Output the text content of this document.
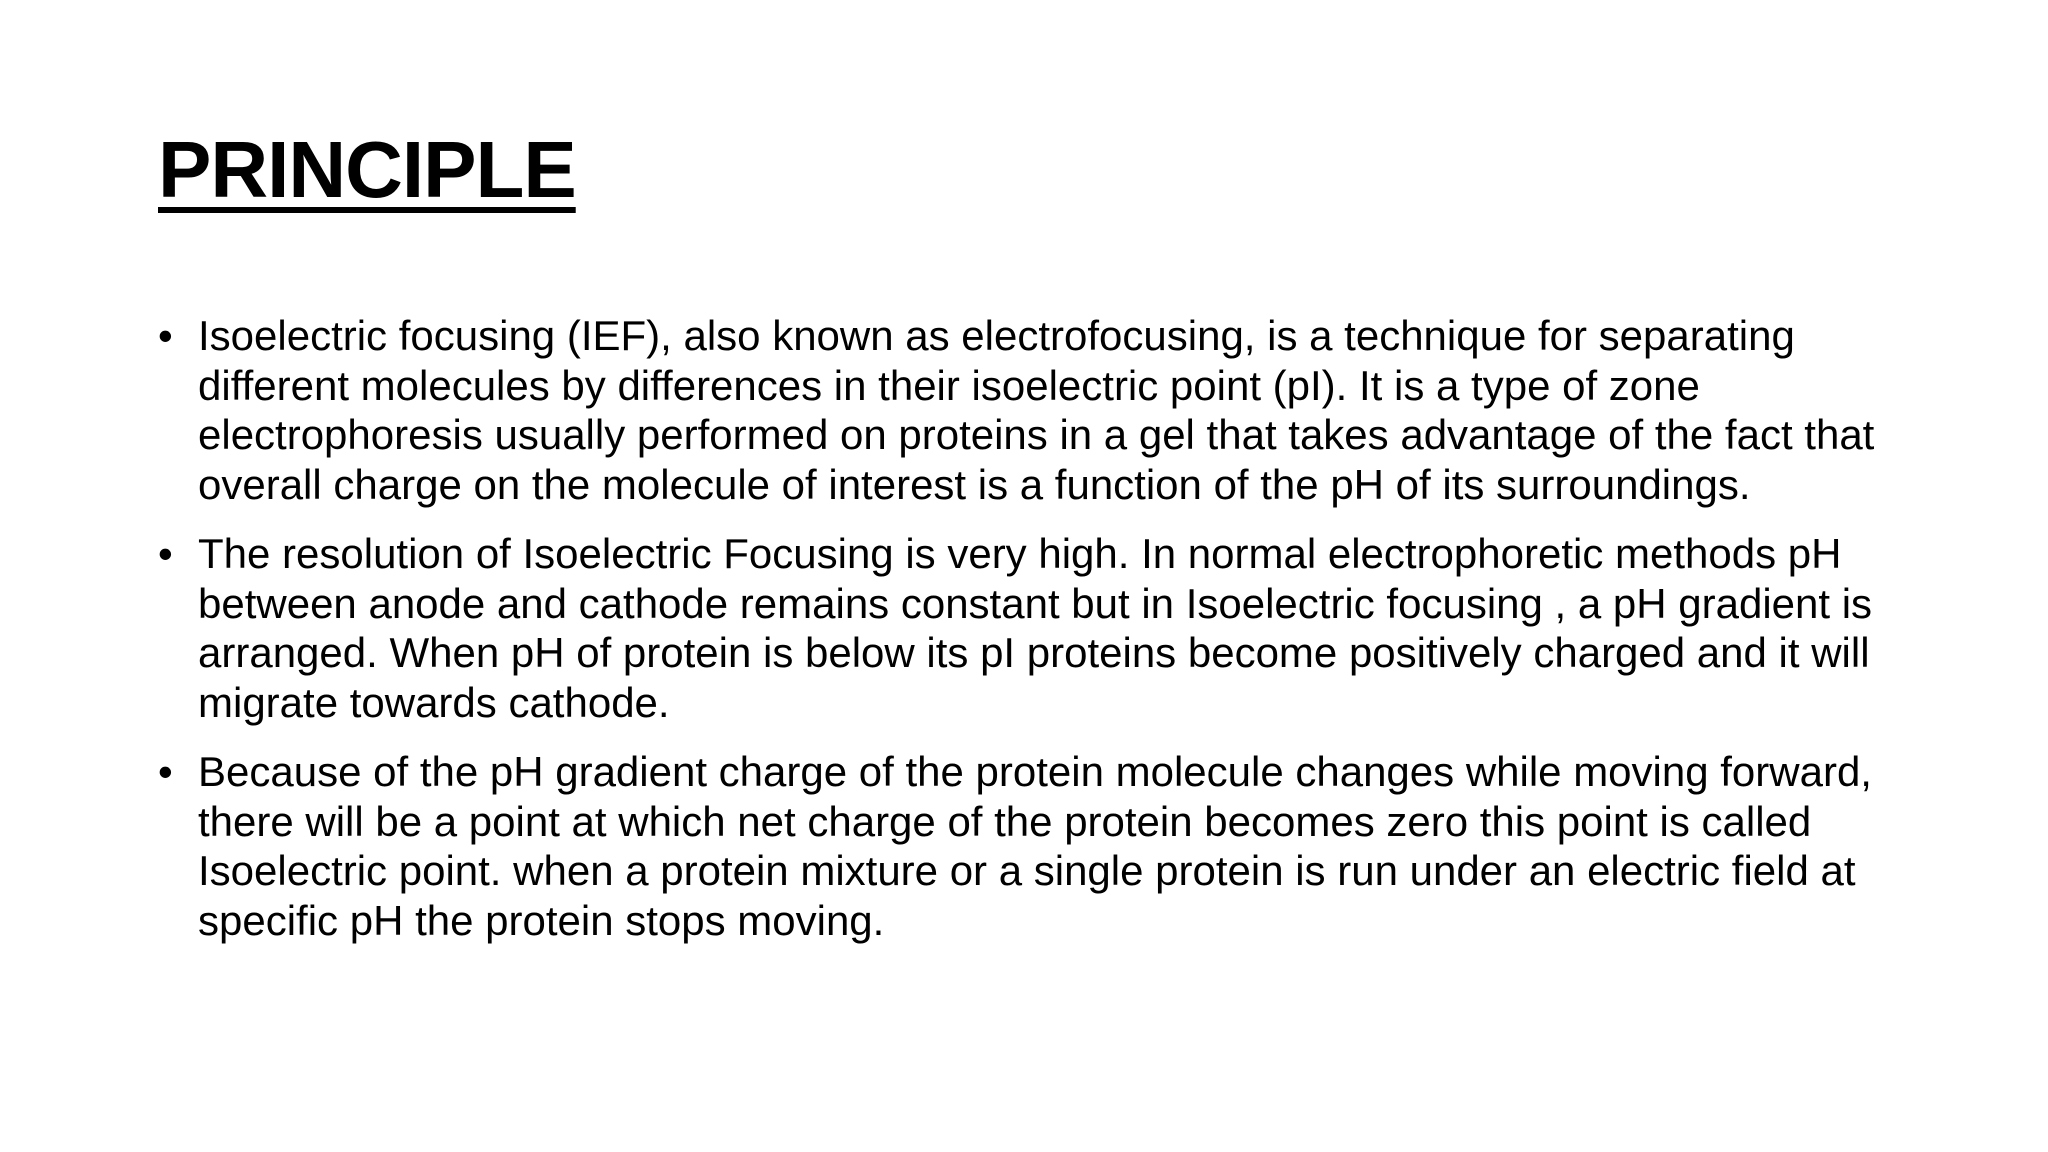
PRINCIPLE
• Isoelectric focusing (IEF), also known as electrofocusing, is a technique for separating different molecules by differences in their isoelectric point (pI). It is a type of zone electrophoresis usually performed on proteins in a gel that takes advantage of the fact that overall charge on the molecule of interest is a function of the pH of its surroundings.
• The resolution of Isoelectric Focusing is very high. In normal electrophoretic methods pH between anode and cathode remains constant but in Isoelectric focusing , a pH gradient is arranged. When pH of protein is below its pI proteins become positively charged and it will migrate towards cathode.
• Because of the pH gradient charge of the protein molecule changes while moving forward, there will be a point at which net charge of the protein becomes zero this point is called Isoelectric point. when a protein mixture or a single protein is run under an electric field at specific pH the protein stops moving.
